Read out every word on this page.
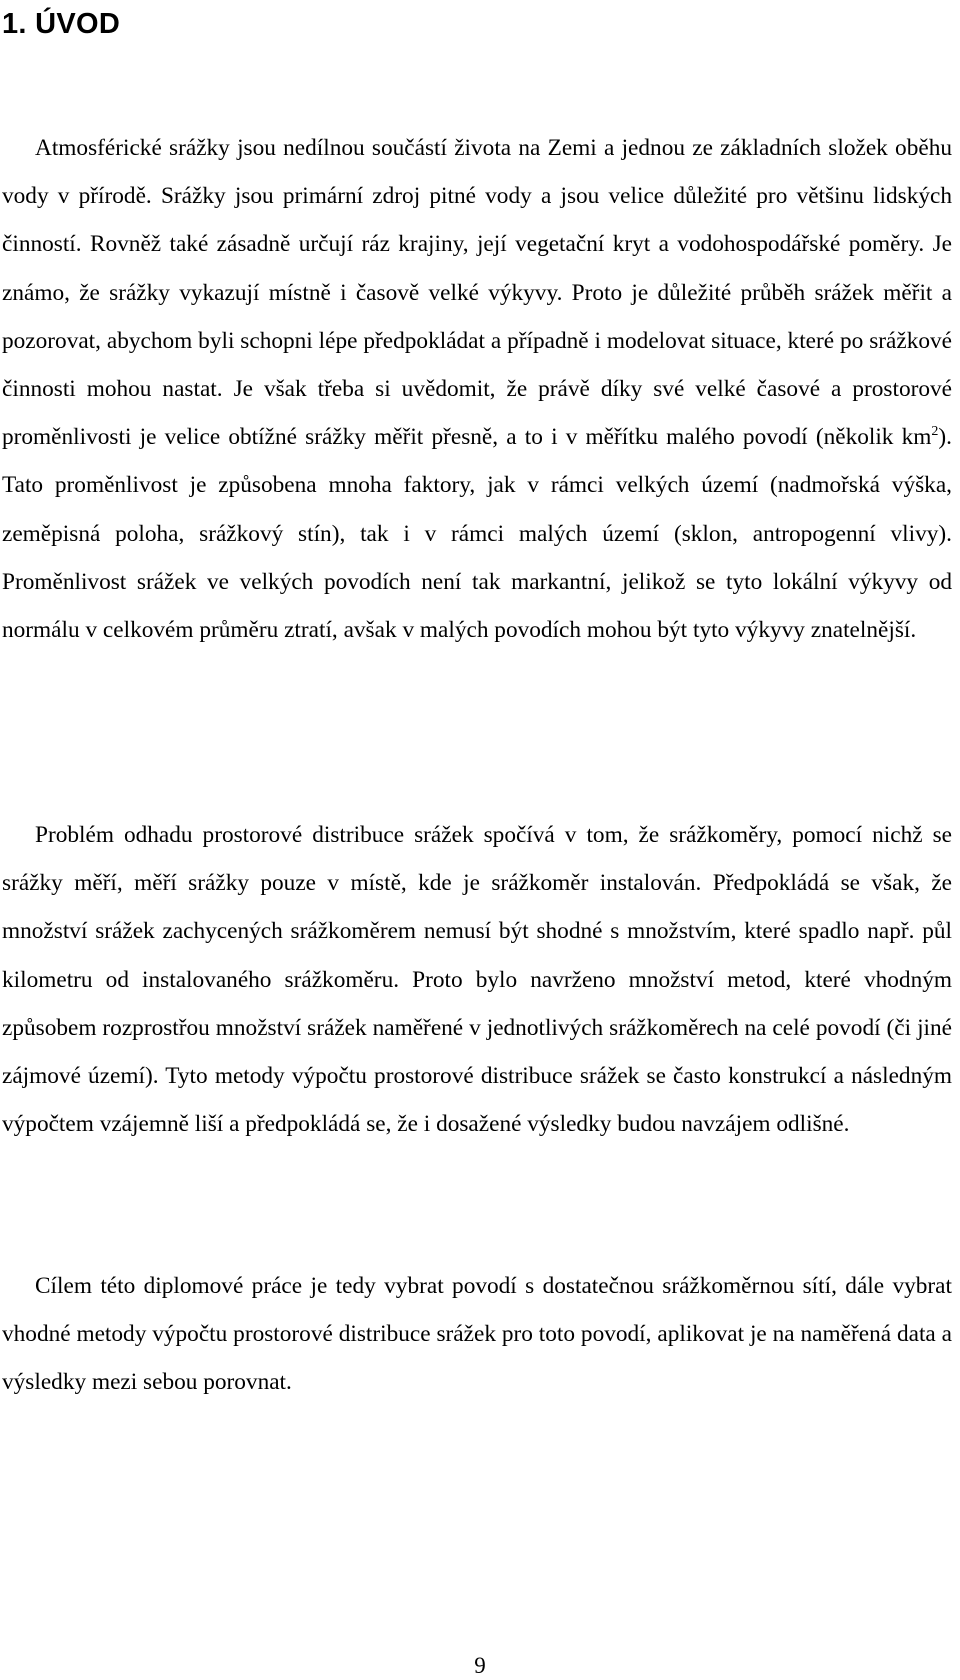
1. ÚVOD

Atmosférické srážky jsou nedílnou součástí života na Zemi a jednou ze základních složek oběhu vody v přírodě. Srážky jsou primární zdroj pitné vody a jsou velice důležité pro většinu lidských činností. Rovněž také zásadně určují ráz krajiny, její vegetační kryt a vodohospodářské poměry. Je známo, že srážky vykazují místně i časově velké výkyvy. Proto je důležité průběh srážek měřit a pozorovat, abychom byli schopni lépe předpokládat a případně i modelovat situace, které po srážkové činnosti mohou nastat. Je však třeba si uvědomit, že právě díky své velké časové a prostorové proměnlivosti je velice obtížné srážky měřit přesně, a to i v měřítku malého povodí (několik $km^2$). Tato proměnlivost je způsobena mnoha faktory, jak v rámci velkých území (nadmořská výška, zeměpisná poloha, srážkový stín), tak i v rámci malých území (sklon, antropogenní vlivy). Proměnlivost srážek ve velkých povodích není tak markantní, jelikož se tyto lokální výkyvy od normálu v celkovém průměru ztratí, avšak v malých povodích mohou být tyto výkyvy znatelnější.

Problém odhadu prostorové distribuce srážek spočívá v tom, že srážkoměry, pomocí nichž se srážky měří, měří srážky pouze v místě, kde je srážkoměr instalován. Předpokládá se však, že množství srážek zachycených srážkoměrem nemusí být shodné s množstvím, které spadlo např. půl kilometru od instalovaného srážkoměru. Proto bylo navrženo množství metod, které vhodným způsobem rozprostřou množství srážek naměřené v jednotlivých srážkoměrech na celé povodí (či jiné zájmové území). Tyto metody výpočtu prostorové distribuce srážek se často konstrukcí a následným výpočtem vzájemně liší a předpokládá se, že i dosažené výsledky budou navzájem odlišné.

Cílem této diplomové práce je tedy vybrat povodí s dostatečnou srážkoměrnou sítí, dále vybrat vhodné metody výpočtu prostorové distribuce srážek pro toto povodí, aplikovat je na naměřená data a výsledky mezi sebou porovnat.

9
